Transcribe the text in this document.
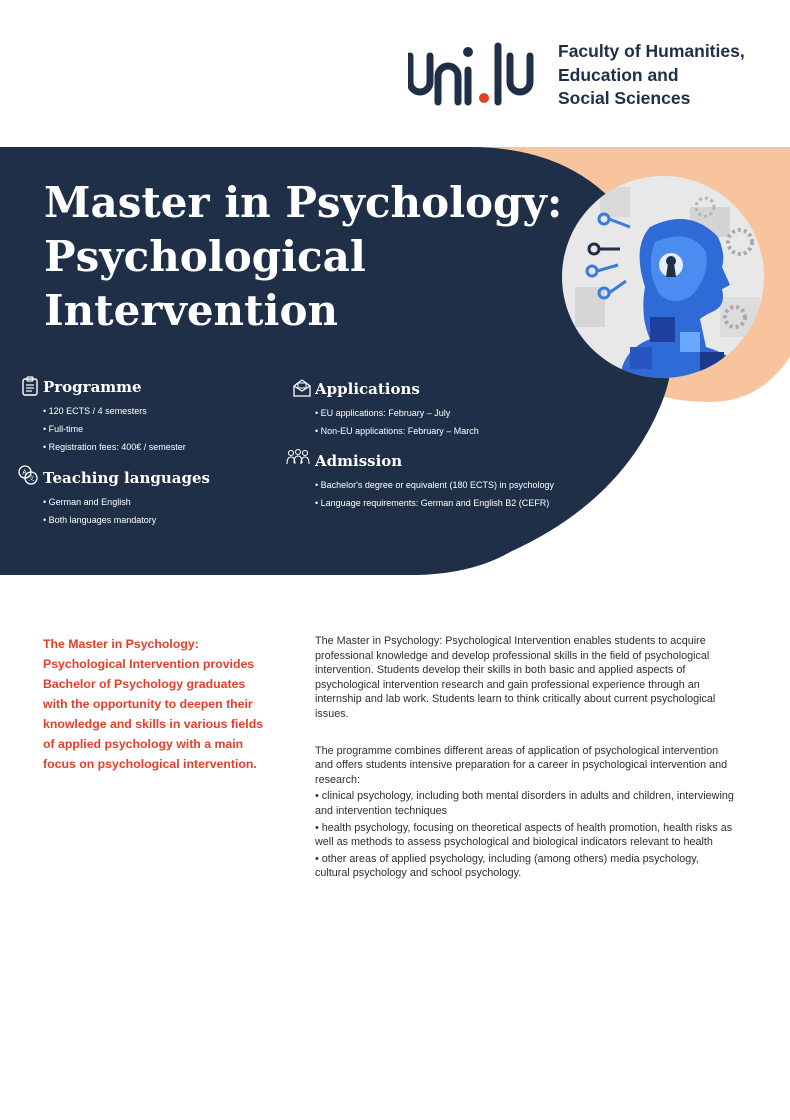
Faculty of Humanities,
Education and
Social Sciences
Master in Psychology:
Psychological
Intervention
Programme
• 120 ECTS / 4 semesters
• Full-time
• Registration fees: 400€ / semester
A
文 Teaching languages
• German and English
• Both languages mandatory
Applications
• EU applications: February – July
• Non-EU applications: February – March
Admission
• Bachelor's degree or equivalent (180 ECTS) in psychology
• Language requirements: German and English B2 (CEFR)

The Master in Psychology:
Psychological Intervention provides
Bachelor of Psychology graduates
with the opportunity to deepen their
knowledge and skills in various fields
of applied psychology with a main
focus on psychological intervention.

The Master in Psychology: Psychological Intervention enables students to acquire professional knowledge and develop professional skills in the field of psychological intervention. Students develop their skills in both basic and applied aspects of psychological intervention research and gain professional experience through an internship and lab work. Students learn to think critically about current psychological issues.

The programme combines different areas of application of psychological intervention and offers students intensive preparation for a career in psychological intervention and research:

• clinical psychology, including both mental disorders in adults and children, interviewing and intervention techniques

• health psychology, focusing on theoretical aspects of health promotion, health risks as well as methods to assess psychological and biological indicators relevant to health

• other areas of applied psychology, including (among others) media psychology, cultural psychology and school psychology.
